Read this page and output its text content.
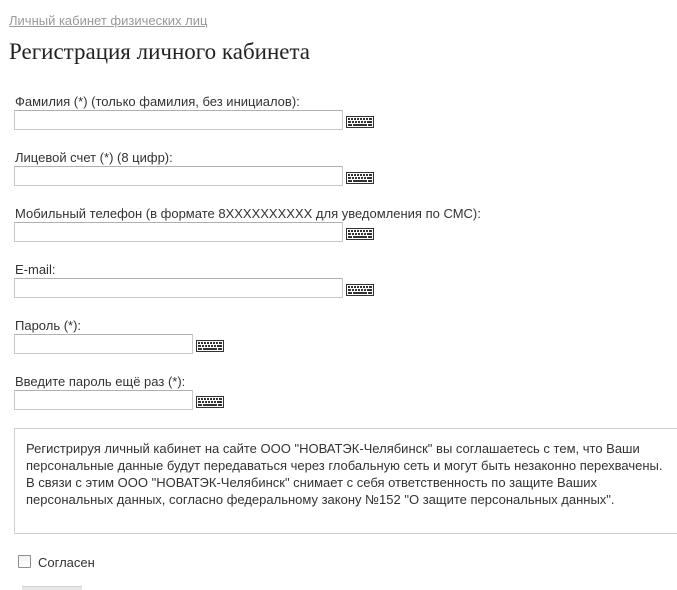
Личный кабинет физических лиц
Регистрация личного кабинета
Фамилия (*) (только фамилия, без инициалов):
Лицевой счет (*) (8 цифр):
Мобильный телефон (в формате 8XXXXXXXXXX для уведомления по СМС):
E-mail:
Пароль (*):
Введите пароль ещё раз (*):
Регистрируя личный кабинет на сайте ООО "НОВАТЭК-Челябинск" вы соглашаетесь с тем, что Ваши персональные данные будут передаваться через глобальную сеть и могут быть незаконно перехвачены. В связи с этим ООО "НОВАТЭК-Челябинск" снимает с себя ответственность по защите Ваших персональных данных, согласно федеральному закону №152 "О защите персональных данных".
Согласен
